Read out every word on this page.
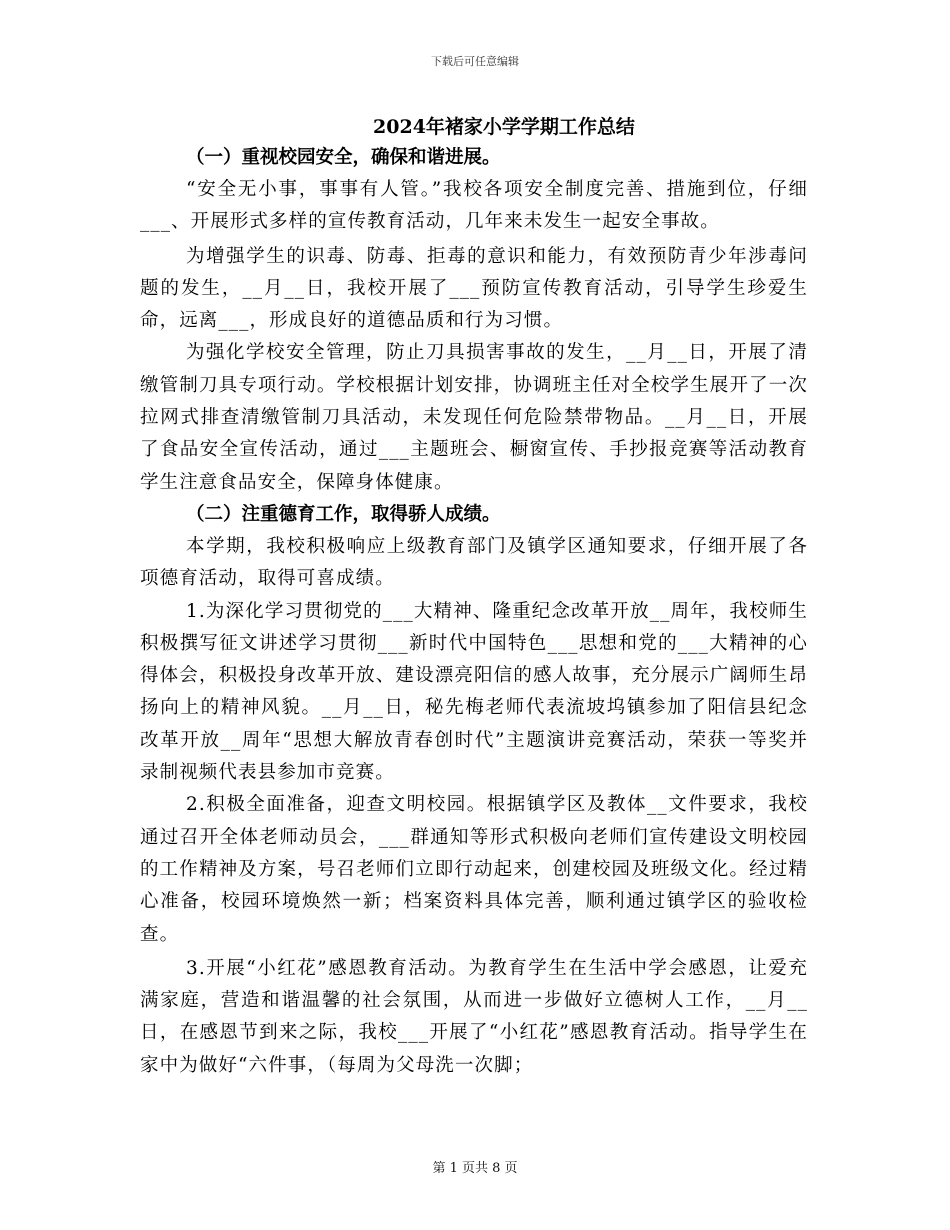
下载后可任意编辑

2024年褚家小学学期工作总结

（一）重视校园安全，确保和谐进展。

“安全无小事，事事有人管。”我校各项安全制度完善、措施到位，仔细___、开展形式多样的宣传教育活动，几年来未发生一起安全事故。

为增强学生的识毒、防毒、拒毒的意识和能力，有效预防青少年涉毒问题的发生，__月__日，我校开展了___预防宣传教育活动，引导学生珍爱生命，远离___，形成良好的道德品质和行为习惯。

为强化学校安全管理，防止刀具损害事故的发生，__月__日，开展了清缴管制刀具专项行动。学校根据计划安排，协调班主任对全校学生展开了一次拉网式排查清缴管制刀具活动，未发现任何危险禁带物品。__月__日，开展了食品安全宣传活动，通过___主题班会、橱窗宣传、手抄报竞赛等活动教育学生注意食品安全，保障身体健康。

（二）注重德育工作，取得骄人成绩。

本学期，我校积极响应上级教育部门及镇学区通知要求，仔细开展了各项德育活动，取得可喜成绩。

1.为深化学习贯彻党的___大精神、隆重纪念改革开放__周年，我校师生积极撰写征文讲述学习贯彻___新时代中国特色___思想和党的___大精神的心得体会，积极投身改革开放、建设漂亮阳信的感人故事，充分展示广阔师生昂扬向上的精神风貌。__月__日，秘先梅老师代表流坡坞镇参加了阳信县纪念改革开放__周年“思想大解放青春创时代”主题演讲竞赛活动，荣获一等奖并录制视频代表县参加市竞赛。

2.积极全面准备，迎查文明校园。根据镇学区及教体__文件要求，我校通过召开全体老师动员会，___群通知等形式积极向老师们宣传建设文明校园的工作精神及方案，号召老师们立即行动起来，创建校园及班级文化。经过精心准备，校园环境焕然一新；档案资料具体完善，顺利通过镇学区的验收检查。

3.开展“小红花”感恩教育活动。为教育学生在生活中学会感恩，让爱充满家庭，营造和谐温馨的社会氛围，从而进一步做好立德树人工作，__月__日，在感恩节到来之际，我校___开展了“小红花”感恩教育活动。指导学生在家中为做好“六件事，（每周为父母洗一次脚；

第 1 页共 8 页
